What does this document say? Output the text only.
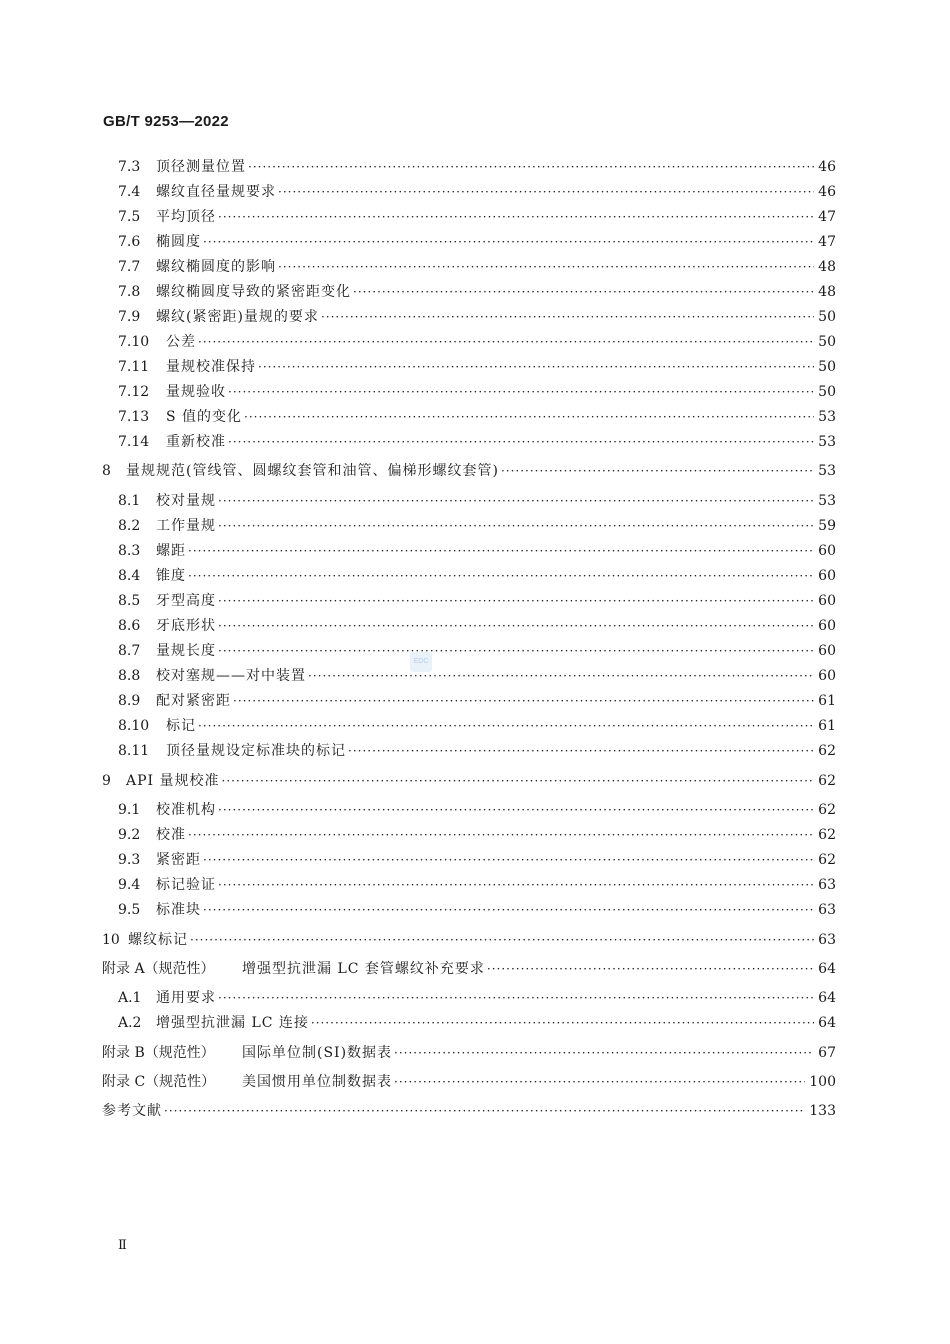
GB/T 9253—2022
7.3	顶径测量位置 ·····	46
7.4	螺纹直径量规要求 ·····	46
7.5	平均顶径 ·····	47
7.6	椭圆度 ·····	47
7.7	螺纹椭圆度的影响 ·····	48
7.8	螺纹椭圆度导致的紧密距变化 ·····	48
7.9	螺纹(紧密距)量规的要求 ·····	50
7.10	公差 ·····	50
7.11	量规校准保持 ·····	50
7.12	量规验收 ·····	50
7.13	S 值的变化 ·····	53
7.14	重新校准 ·····	53
8	量规规范(管线管、圆螺纹套管和油管、偏梯形螺纹套管) ·····	53
8.1	校对量规 ·····	53
8.2	工作量规 ·····	59
8.3	螺距 ·····	60
8.4	锥度 ·····	60
8.5	牙型高度 ·····	60
8.6	牙底形状 ·····	60
8.7	量规长度 ·····	60
8.8	校对塞规——对中装置 ·····	60
8.9	配对紧密距 ·····	61
8.10	标记 ·····	61
8.11	顶径量规设定标准块的标记 ·····	62
9	API 量规校准 ·····	62
9.1	校准机构 ·····	62
9.2	校准 ·····	62
9.3	紧密距 ·····	62
9.4	标记验证 ·····	63
9.5	标准块 ·····	63
10 螺纹标记 ·····	63
附录 A（规范性）	增强型抗泄漏 LC 套管螺纹补充要求 ·····	64
A.1	通用要求 ·····	64
A.2	增强型抗泄漏 LC 连接 ·····	64
附录 B（规范性）	国际单位制(SI)数据表 ·····	67
附录 C（规范性）	美国惯用单位制数据表 ·····	100
参考文献 ·····	133
EDC
Ⅱ
